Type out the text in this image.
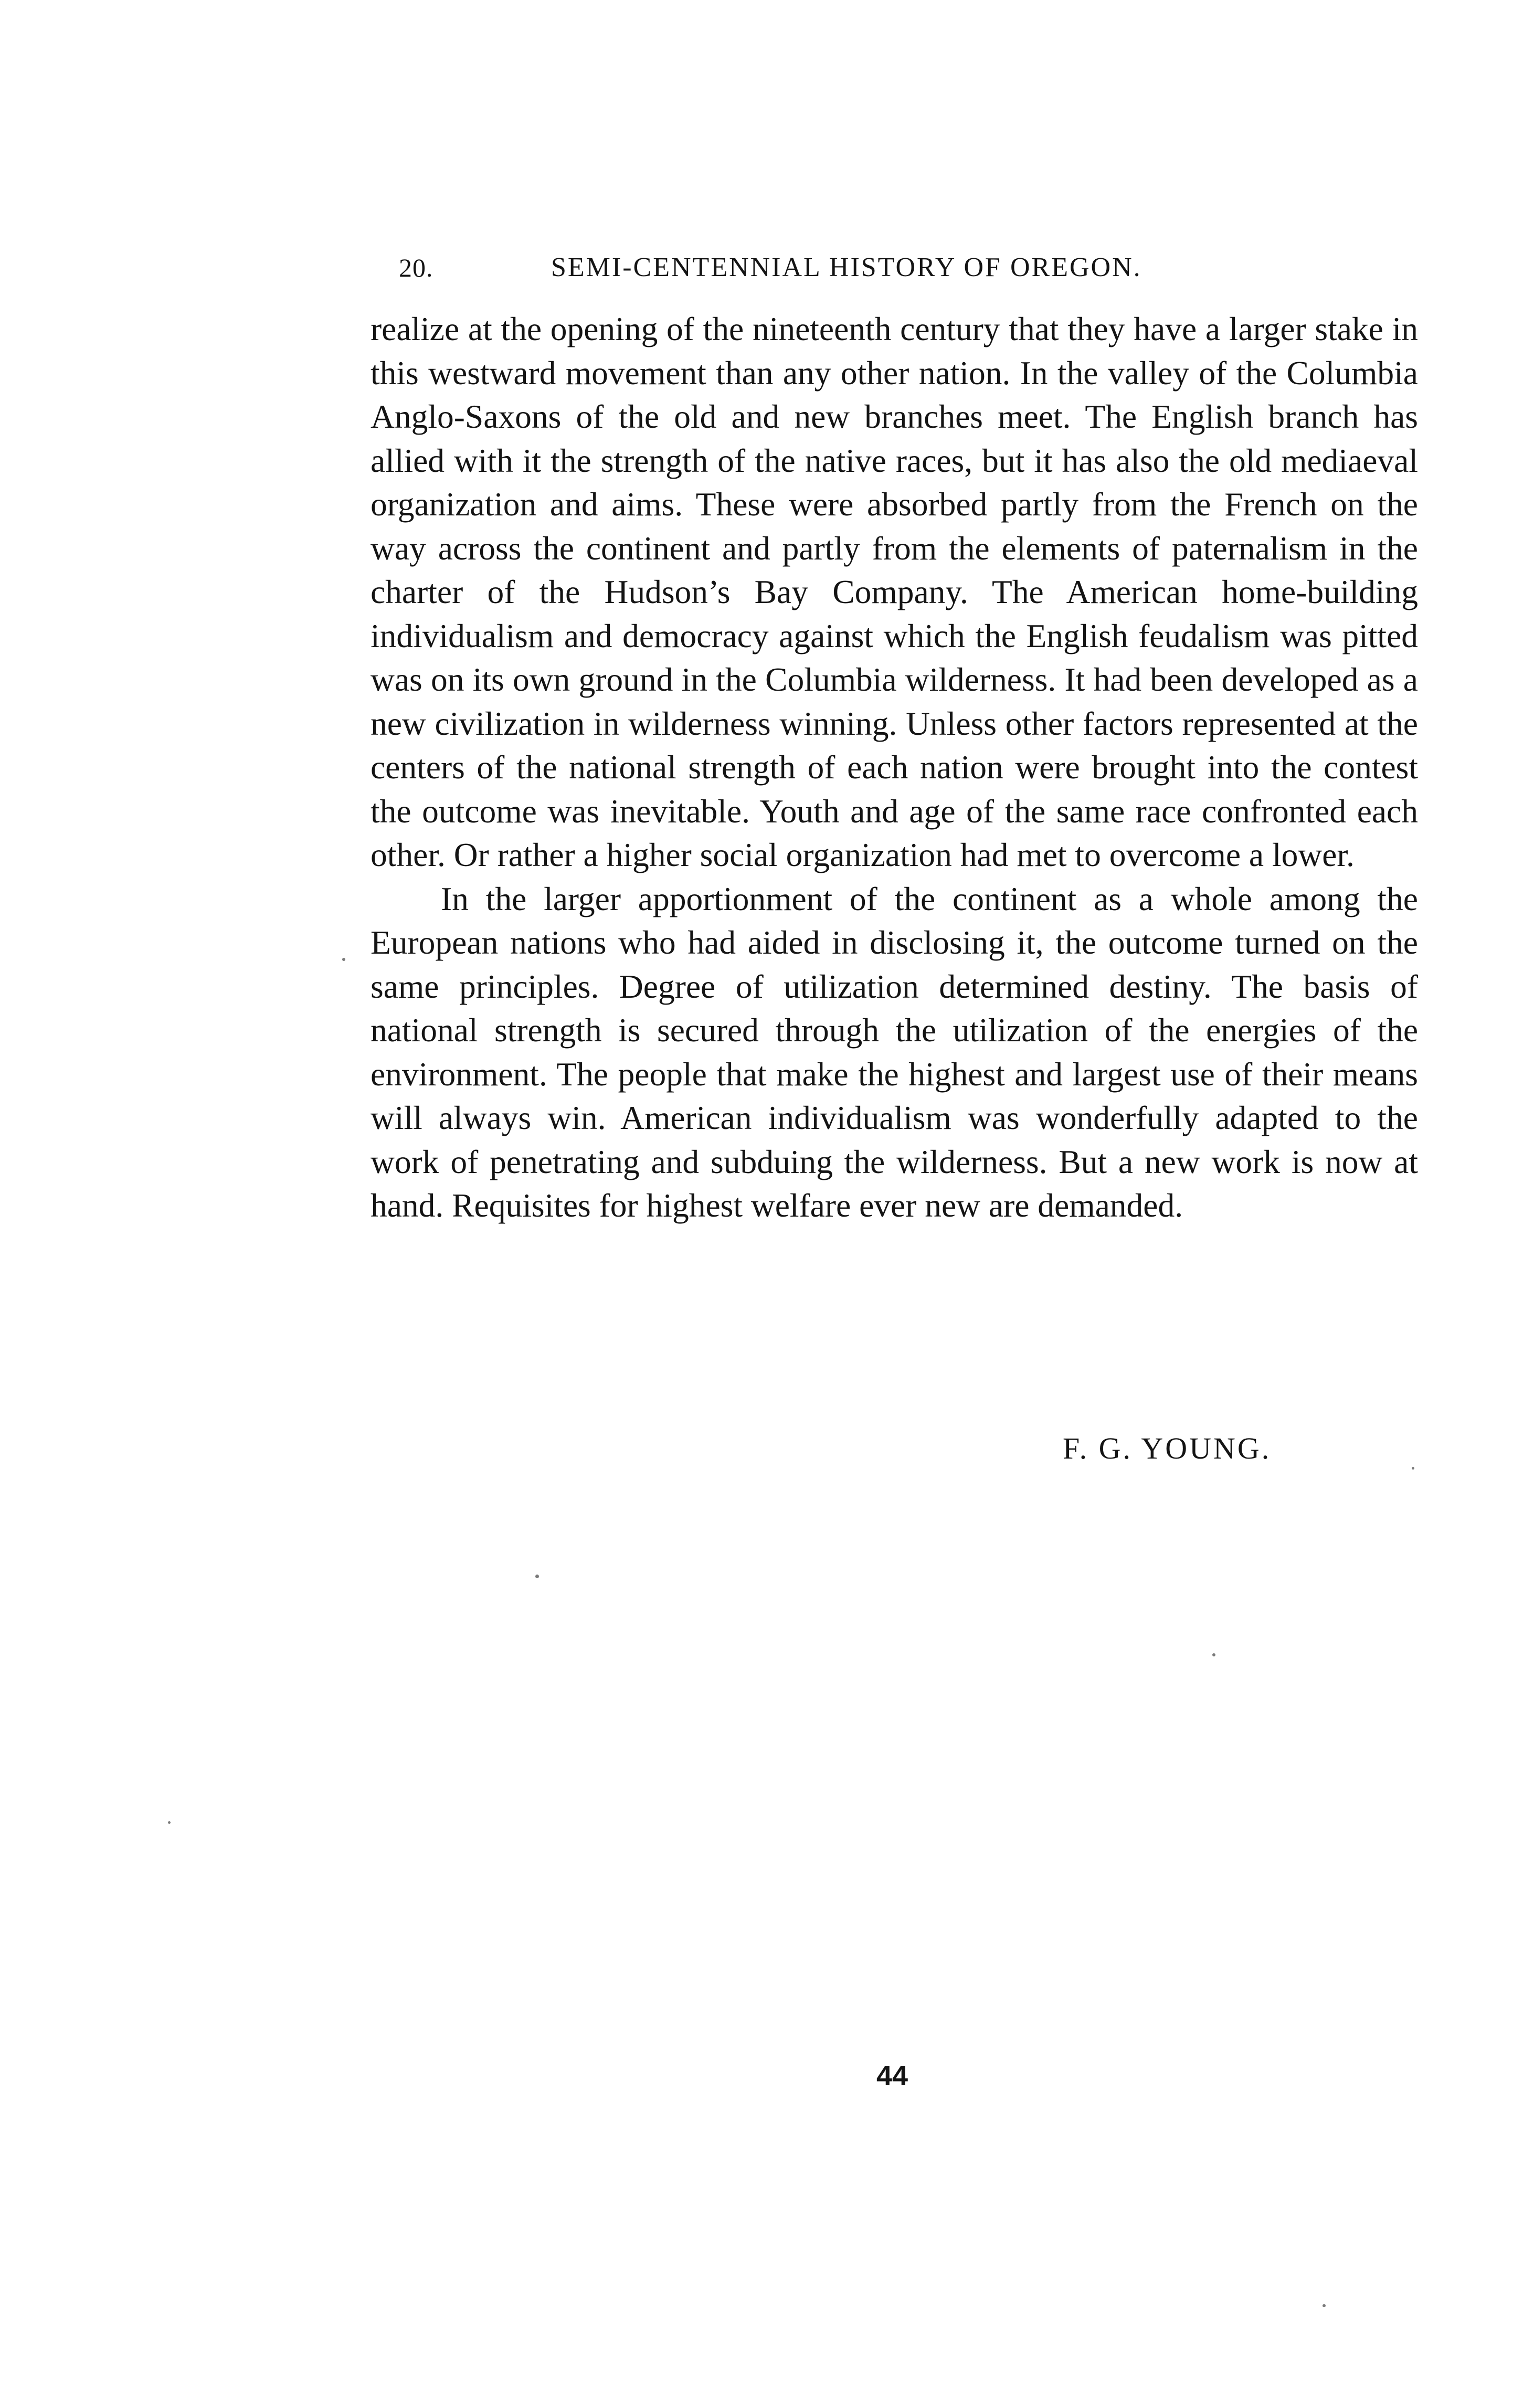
20.	SEMI-CENTENNIAL HISTORY OF OREGON.

realize at the opening of the nineteenth century that they have a larger stake in this westward movement than any other nation. In the valley of the Columbia Anglo-Saxons of the old and new branches meet. The English branch has allied with it the strength of the native races, but it has also the old mediaeval organization and aims. These were absorbed partly from the French on the way across the continent and partly from the elements of paternalism in the charter of the Hudson’s Bay Company. The American home-building individualism and democracy against which the English feudalism was pitted was on its own ground in the Columbia wilderness. It had been developed as a new civilization in wilderness winning. Unless other factors represented at the centers of the national strength of each nation were brought into the contest the outcome was inevitable. Youth and age of the same race confronted each other. Or rather a higher social organization had met to overcome a lower.

In the larger apportionment of the continent as a whole among the European nations who had aided in disclosing it, the outcome turned on the same principles. Degree of utilization determined destiny. The basis of national strength is secured through the utilization of the energies of the environment. The people that make the highest and largest use of their means will always win. American individualism was wonderfully adapted to the work of penetrating and subduing the wilderness. But a new work is now at hand. Requisites for highest welfare ever new are demanded.

F. G. YOUNG.
44
